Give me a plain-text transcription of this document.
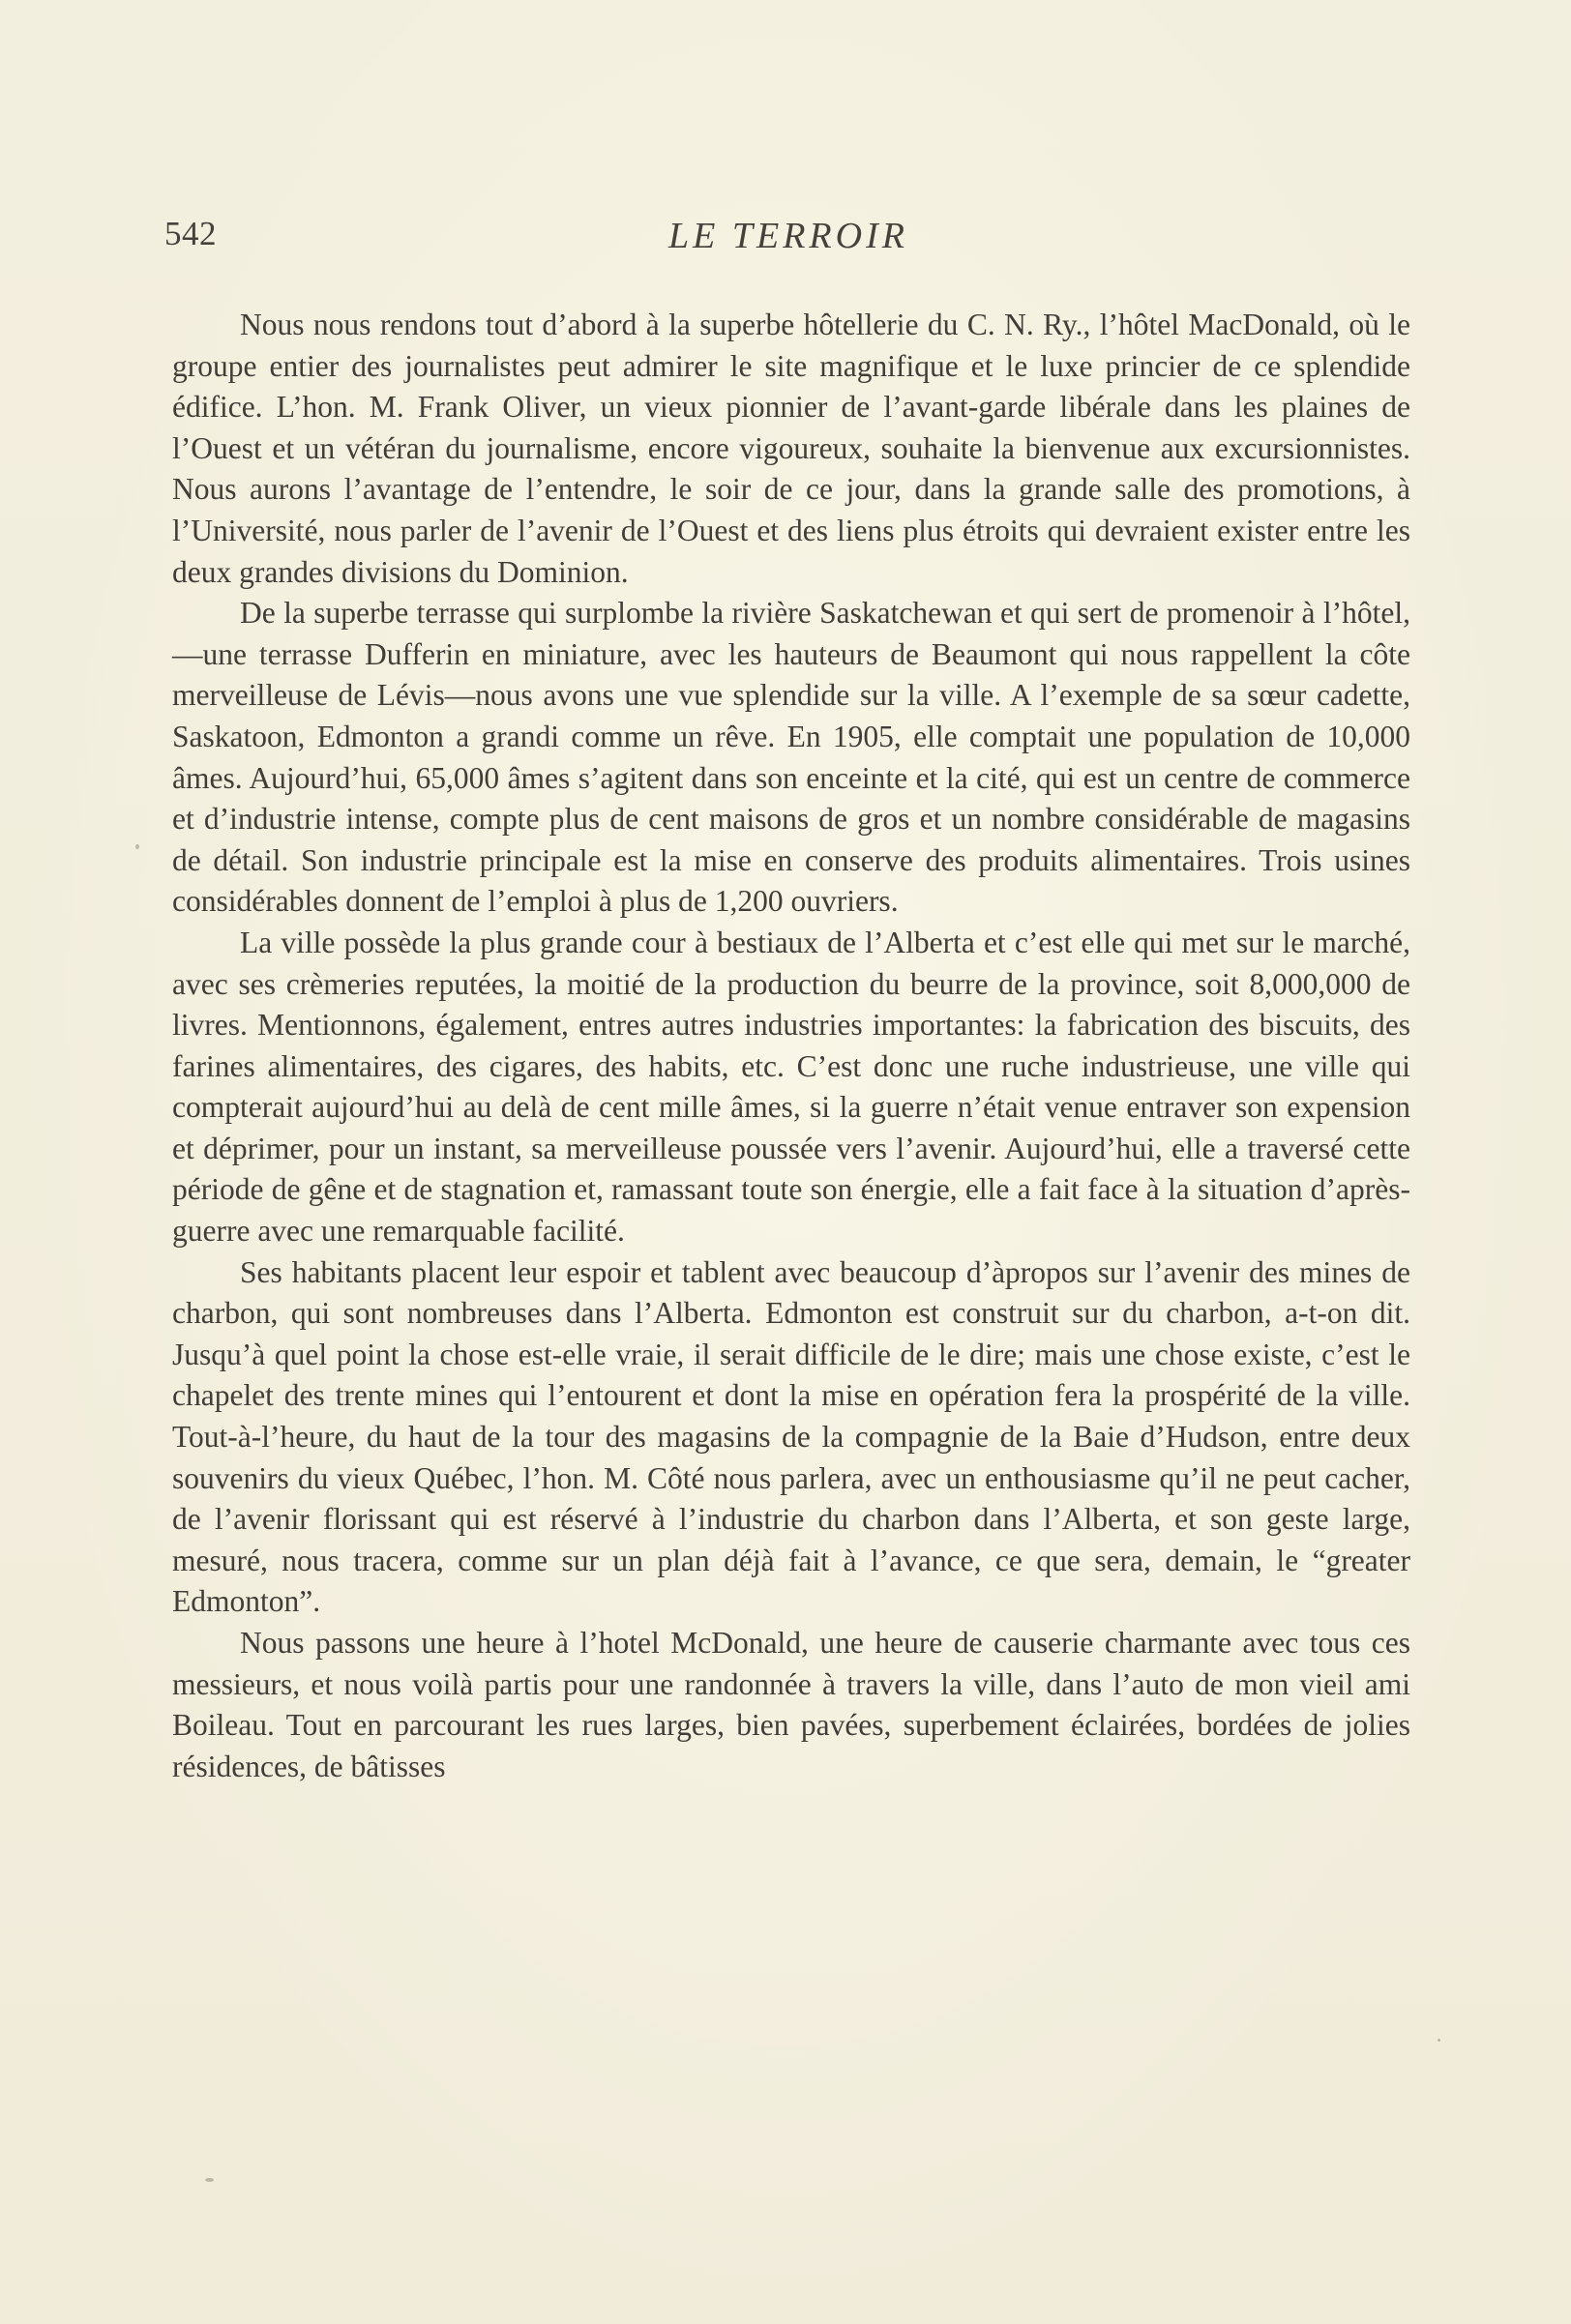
542	LE TERROIR

Nous nous rendons tout d’abord à la superbe hôtellerie du C. N. Ry., l’hôtel MacDonald, où le groupe entier des journalistes peut admirer le site magnifique et le luxe princier de ce splendide édifice. L’hon. M. Frank Oliver, un vieux pionnier de l’avant-garde libérale dans les plaines de l’Ouest et un vétéran du journalisme, encore vigoureux, souhaite la bienvenue aux excursionnistes. Nous aurons l’avantage de l’entendre, le soir de ce jour, dans la grande salle des promotions, à l’Université, nous parler de l’avenir de l’Ouest et des liens plus étroits qui devraient exister entre les deux grandes divisions du Dominion.

De la superbe terrasse qui surplombe la rivière Saskatchewan et qui sert de promenoir à l’hôtel,—une terrasse Dufferin en miniature, avec les hauteurs de Beaumont qui nous rappellent la côte merveilleuse de Lévis—nous avons une vue splendide sur la ville. A l’exemple de sa sœur cadette, Saskatoon, Edmonton a grandi comme un rêve. En 1905, elle comptait une population de 10,000 âmes. Aujourd’hui, 65,000 âmes s’agitent dans son enceinte et la cité, qui est un centre de commerce et d’industrie intense, compte plus de cent maisons de gros et un nombre considérable de magasins de détail. Son industrie principale est la mise en conserve des produits alimentaires. Trois usines considérables donnent de l’emploi à plus de 1,200 ouvriers.

La ville possède la plus grande cour à bestiaux de l’Alberta et c’est elle qui met sur le marché, avec ses crèmeries reputées, la moitié de la production du beurre de la province, soit 8,000,000 de livres. Mentionnons, également, entres autres industries importantes: la fabrication des biscuits, des farines alimentaires, des cigares, des habits, etc. C’est donc une ruche industrieuse, une ville qui compterait aujourd’hui au delà de cent mille âmes, si la guerre n’était venue entraver son expension et déprimer, pour un instant, sa merveilleuse poussée vers l’avenir. Aujourd’hui, elle a traversé cette période de gêne et de stagnation et, ramassant toute son énergie, elle a fait face à la situation d’après-guerre avec une remarquable facilité.

Ses habitants placent leur espoir et tablent avec beaucoup d’àpropos sur l’avenir des mines de charbon, qui sont nombreuses dans l’Alberta. Edmonton est construit sur du charbon, a-t-on dit. Jusqu’à quel point la chose est-elle vraie, il serait difficile de le dire; mais une chose existe, c’est le chapelet des trente mines qui l’entourent et dont la mise en opération fera la prospérité de la ville. Tout-à-l’heure, du haut de la tour des magasins de la compagnie de la Baie d’Hudson, entre deux souvenirs du vieux Québec, l’hon. M. Côté nous parlera, avec un enthousiasme qu’il ne peut cacher, de l’avenir florissant qui est réservé à l’industrie du charbon dans l’Alberta, et son geste large, mesuré, nous tracera, comme sur un plan déjà fait à l’avance, ce que sera, demain, le “greater Edmonton”.

Nous passons une heure à l’hotel McDonald, une heure de causerie charmante avec tous ces messieurs, et nous voilà partis pour une randonnée à travers la ville, dans l’auto de mon vieil ami Boileau. Tout en parcourant les rues larges, bien pavées, superbement éclairées, bordées de jolies résidences, de bâtisses
